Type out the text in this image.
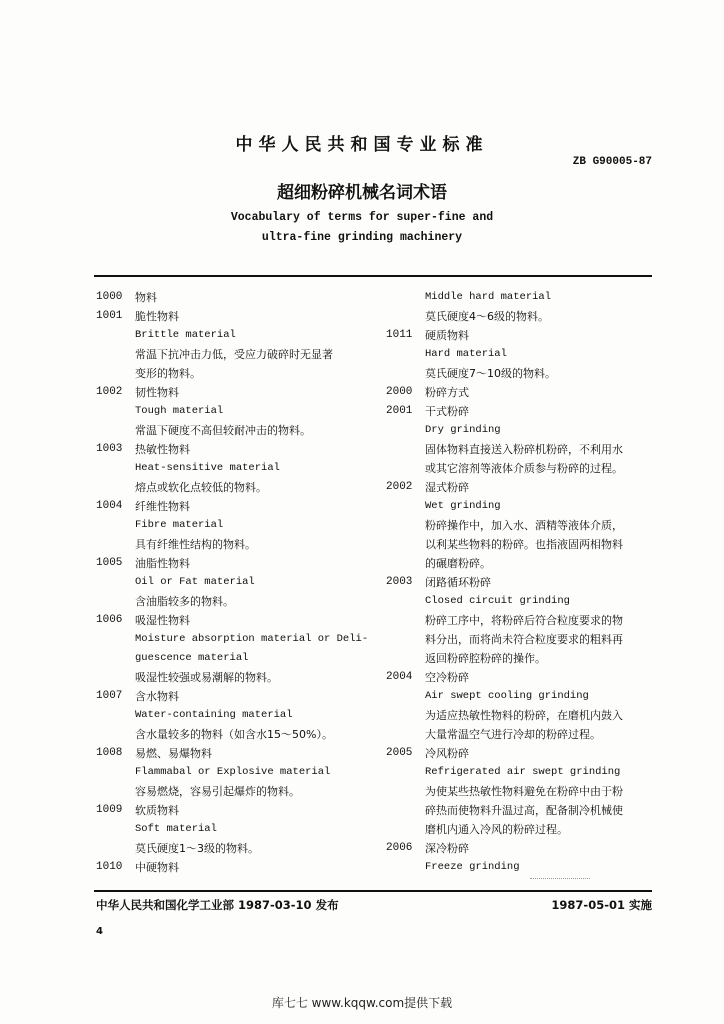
中华人民共和国专业标准
ZB G90005-87
超细粉碎机械名词术语
Vocabulary of terms for super-fine and
ultra-fine grinding machinery
1000 物料
1001 脆性物料
Brittle material
常温下抗冲击力低，受应力破碎时无显著
变形的物料。
1002 韧性物料
Tough material
常温下硬度不高但较耐冲击的物料。
1003 热敏性物料
Heat-sensitive material
熔点或软化点较低的物料。
1004 纤维性物料
Fibre material
具有纤维性结构的物料。
1005 油脂性物料
Oil or Fat material
含油脂较多的物料。
1006 吸湿性物料
Moisture absorption material or Deli-
guescence material
吸湿性较强或易潮解的物料。
1007 含水物料
Water-containing material
含水量较多的物料（如含水15～50%）。
1008 易燃、易爆物料
Flammabal or Explosive material
容易燃烧，容易引起爆炸的物料。
1009 软质物料
Soft material
莫氏硬度1～3级的物料。
1010 中硬物料
Middle hard material
莫氏硬度4～6级的物料。
1011 硬质物料
Hard material
莫氏硬度7～10级的物料。
2000 粉碎方式
2001 干式粉碎
Dry grinding
固体物料直接送入粉碎机粉碎，不利用水
或其它溶剂等液体介质参与粉碎的过程。
2002 湿式粉碎
Wet grinding
粉碎操作中，加入水、酒精等液体介质，
以利某些物料的粉碎。也指液固两相物料
的碾磨粉碎。
2003 闭路循环粉碎
Closed circuit grinding
粉碎工序中，将粉碎后符合粒度要求的物
料分出，而将尚未符合粒度要求的粗料再
返回粉碎腔粉碎的操作。
2004 空冷粉碎
Air swept cooling grinding
为适应热敏性物料的粉碎，在磨机内鼓入
大量常温空气进行冷却的粉碎过程。
2005 冷风粉碎
Refrigerated air swept grinding
为使某些热敏性物料避免在粉碎中由于粉
碎热而使物料升温过高，配备制冷机械使
磨机内通入冷风的粉碎过程。
2006 深冷粉碎
Freeze grinding
中华人民共和国化学工业部 1987-03-10 发布	1987-05-01 实施
4
库七七 www.kqqw.com提供下载
